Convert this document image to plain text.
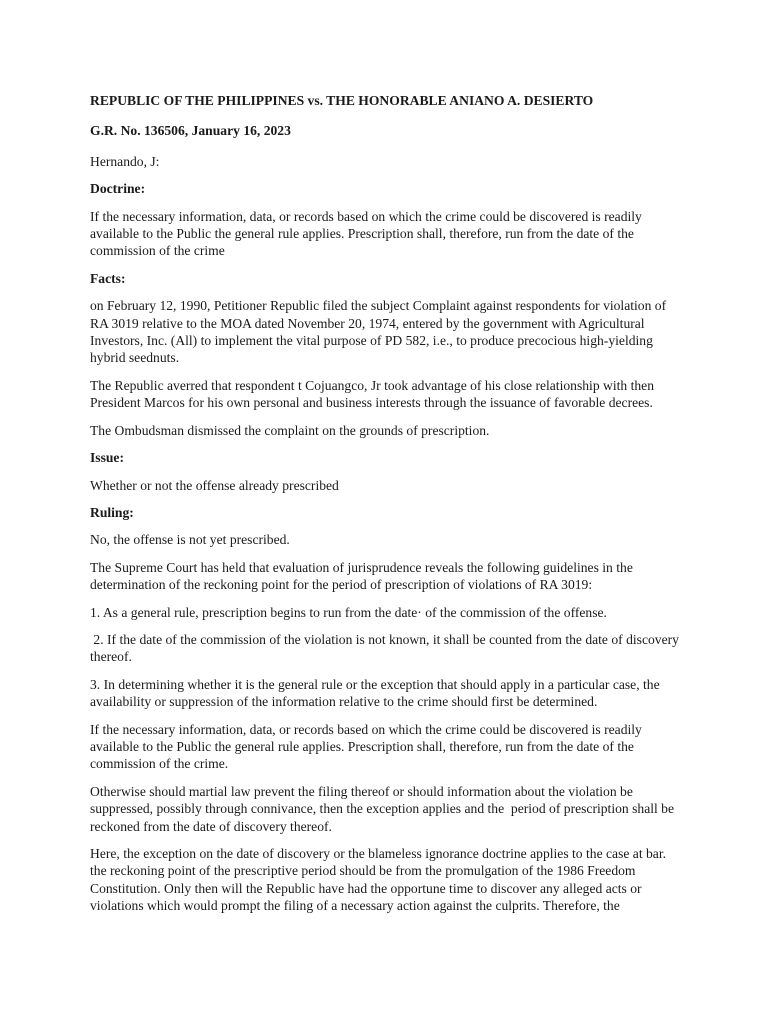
REPUBLIC OF THE PHILIPPINES vs. THE HONORABLE ANIANO A. DESIERTO

G.R. No. 136506, January 16, 2023

Hernando, J:

Doctrine:

If the necessary information, data, or records based on which the crime could be discovered is readily available to the Public the general rule applies. Prescription shall, therefore, run from the date of the commission of the crime

Facts:

on February 12, 1990, Petitioner Republic filed the subject Complaint against respondents for violation of RA 3019 relative to the MOA dated November 20, 1974, entered by the government with Agricultural Investors, Inc. (All) to implement the vital purpose of PD 582, i.e., to produce precocious high-yielding hybrid seednuts.

The Republic averred that respondent t Cojuangco, Jr took advantage of his close relationship with then President Marcos for his own personal and business interests through the issuance of favorable decrees.

The Ombudsman dismissed the complaint on the grounds of prescription.

Issue:

Whether or not the offense already prescribed

Ruling:

No, the offense is not yet prescribed.

The Supreme Court has held that evaluation of jurisprudence reveals the following guidelines in the determination of the reckoning point for the period of prescription of violations of RA 3019:

1. As a general rule, prescription begins to run from the date· of the commission of the offense.

2. If the date of the commission of the violation is not known, it shall be counted from the date of discovery thereof.

3. In determining whether it is the general rule or the exception that should apply in a particular case, the availability or suppression of the information relative to the crime should first be determined.

If the necessary information, data, or records based on which the crime could be discovered is readily available to the Public the general rule applies. Prescription shall, therefore, run from the date of the commission of the crime.

Otherwise should martial law prevent the filing thereof or should information about the violation be suppressed, possibly through connivance, then the exception applies and the  period of prescription shall be reckoned from the date of discovery thereof.

Here, the exception on the date of discovery or the blameless ignorance doctrine applies to the case at bar. the reckoning point of the prescriptive period should be from the promulgation of the 1986 Freedom Constitution. Only then will the Republic have had the opportune time to discover any alleged acts or violations which would prompt the filing of a necessary action against the culprits. Therefore, the
